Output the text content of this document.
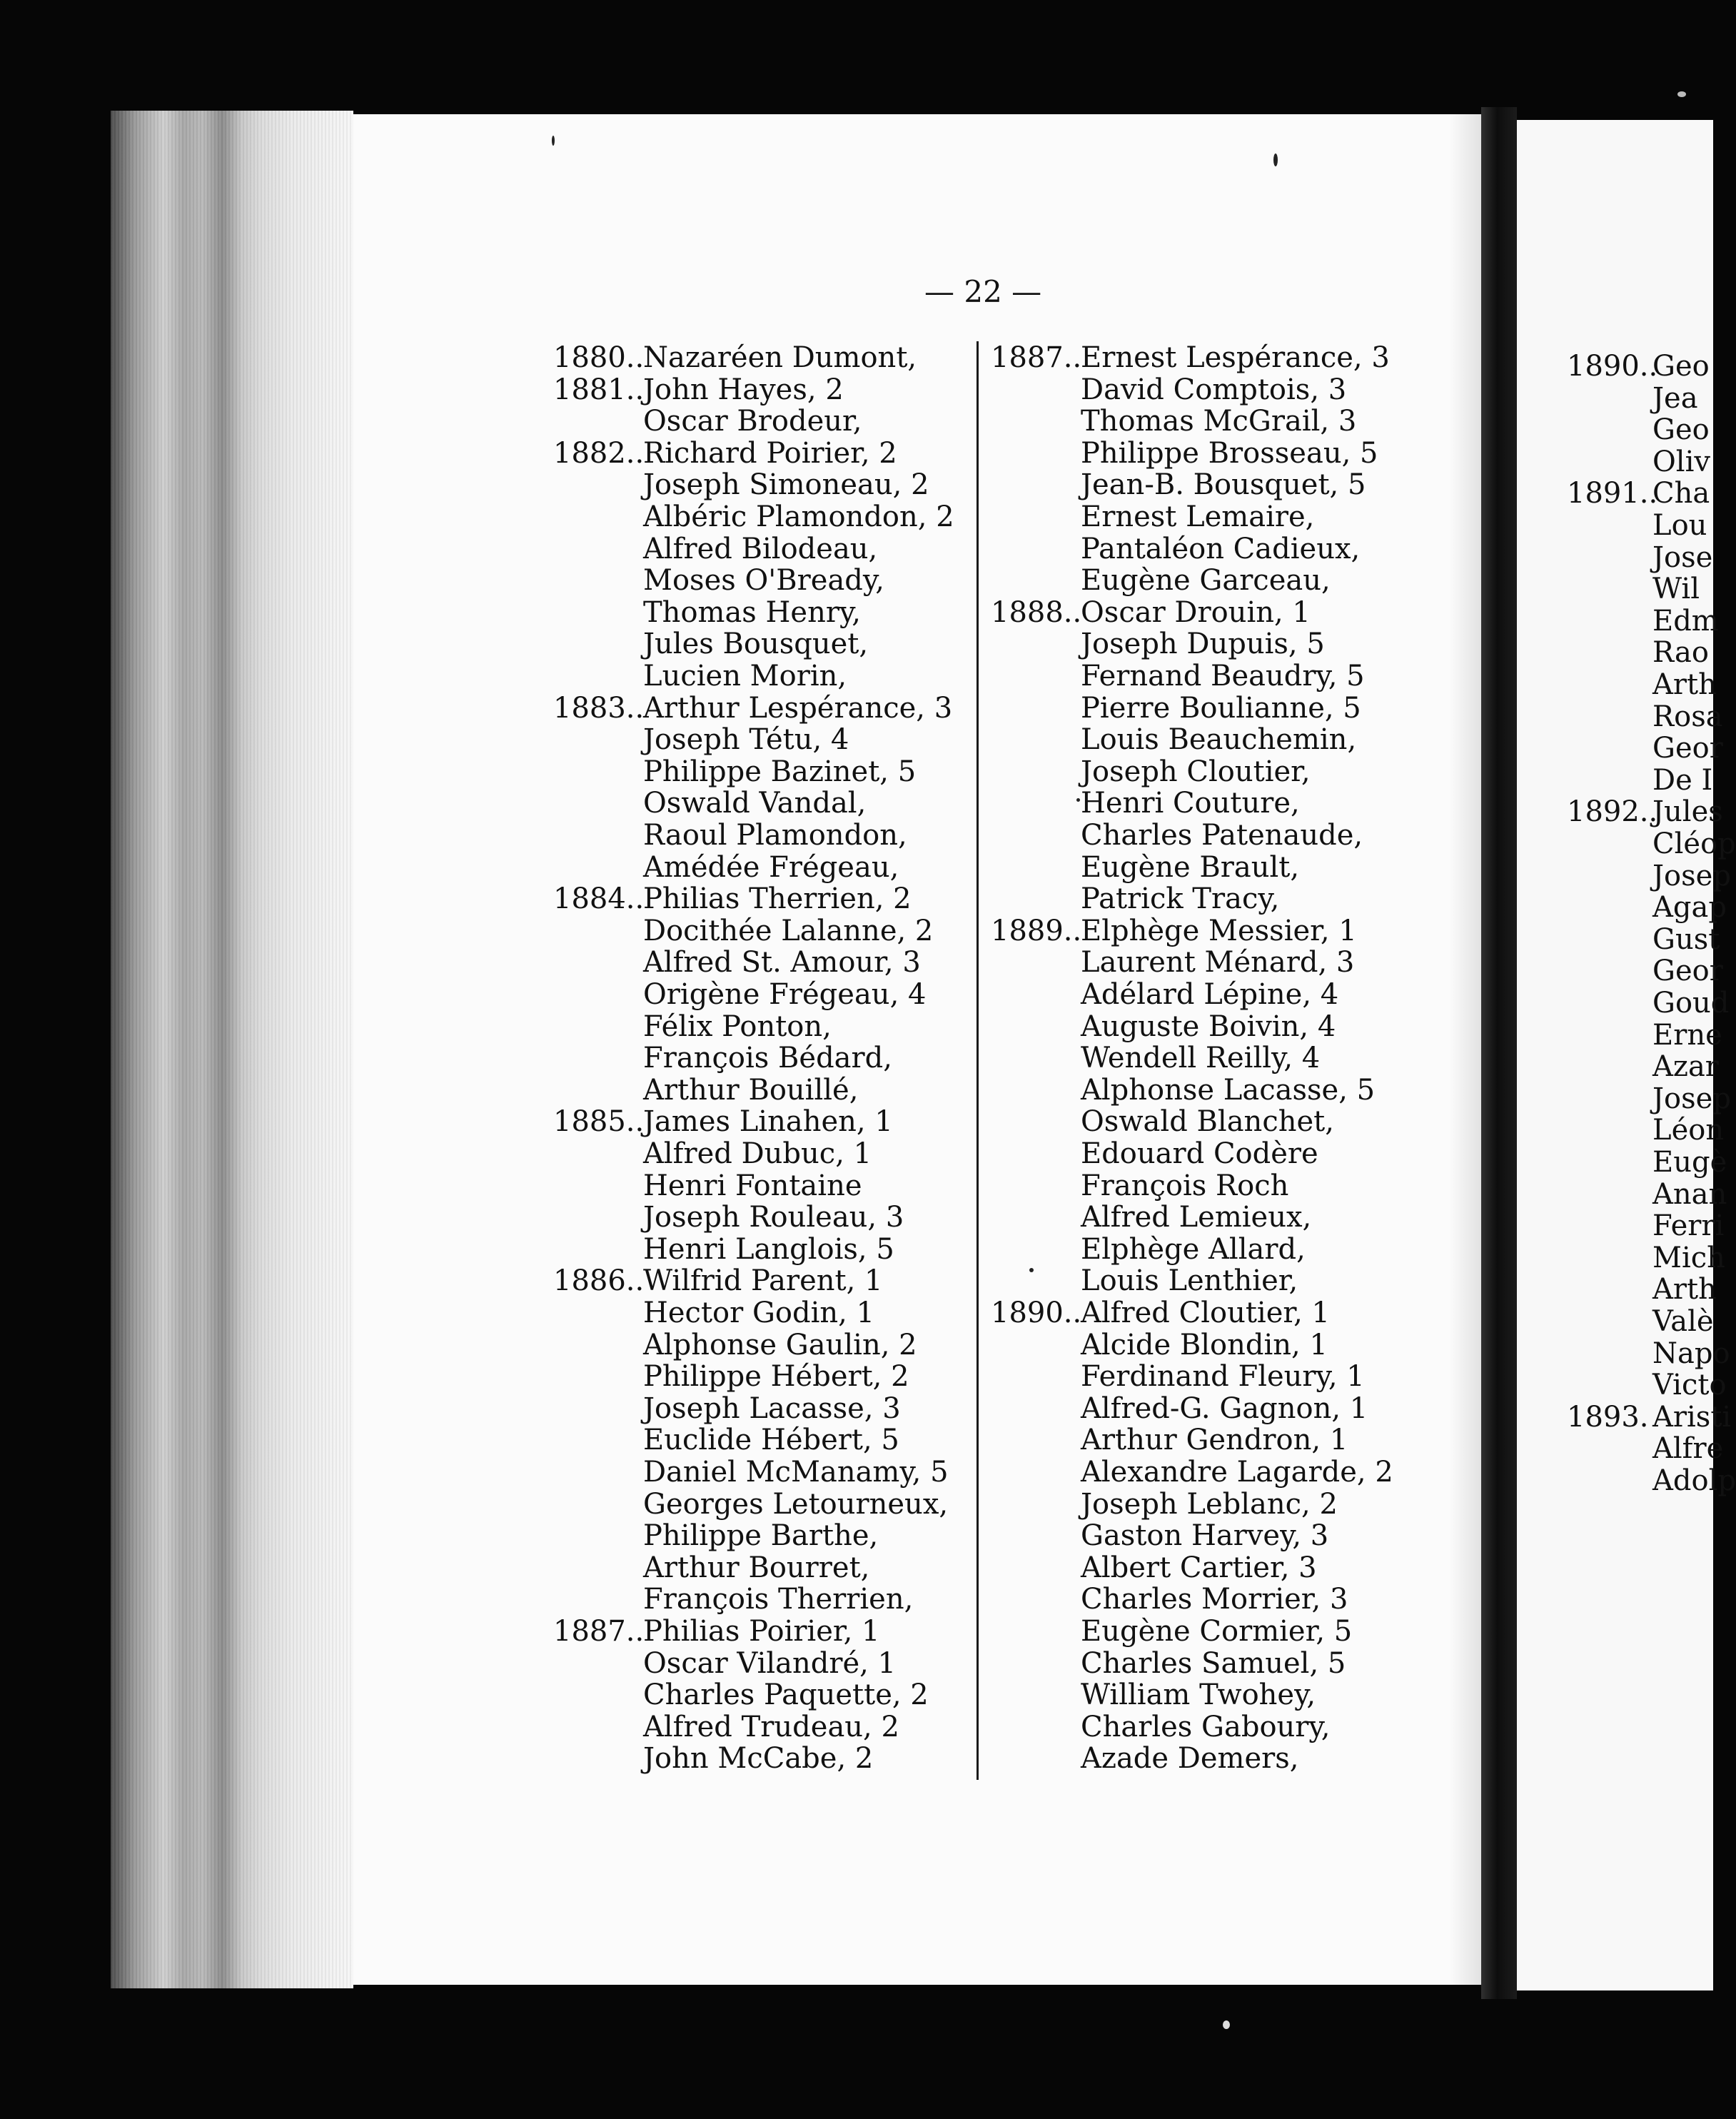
— 22 —
1880..
Nazaréen Dumont,
1881..
John Hayes, 2
Oscar Brodeur,
1882..
Richard Poirier, 2
Joseph Simoneau, 2
Albéric Plamondon, 2
Alfred Bilodeau,
Moses O'Bready,
Thomas Henry,
Jules Bousquet,
Lucien Morin,
1883..
Arthur Lespérance, 3
Joseph Tétu, 4
Philippe Bazinet, 5
Oswald Vandal,
Raoul Plamondon,
Amédée Frégeau,
1884..
Philias Therrien, 2
Docithée Lalanne, 2
Alfred St. Amour, 3
Origène Frégeau, 4
Félix Ponton,
François Bédard,
Arthur Bouillé,
1885..
James Linahen, 1
Alfred Dubuc, 1
Henri Fontaine
Joseph Rouleau, 3
Henri Langlois, 5
1886..
Wilfrid Parent, 1
Hector Godin, 1
Alphonse Gaulin, 2
Philippe Hébert, 2
Joseph Lacasse, 3
Euclide Hébert, 5
Daniel McManamy, 5
Georges Letourneux,
Philippe Barthe,
Arthur Bourret,
François Therrien,
1887..
Philias Poirier, 1
Oscar Vilandré, 1
Charles Paquette, 2
Alfred Trudeau, 2
John McCabe, 2
1887..
Ernest Lespérance, 3
David Comptois, 3
Thomas McGrail, 3
Philippe Brosseau, 5
Jean-B. Bousquet, 5
Ernest Lemaire,
Pantaléon Cadieux,
Eugène Garceau,
1888..
Oscar Drouin, 1
Joseph Dupuis, 5
Fernand Beaudry, 5
Pierre Boulianne, 5
Louis Beauchemin,
Joseph Cloutier,
Henri Couture,
Charles Patenaude,
Eugène Brault,
Patrick Tracy,
1889..
Elphège Messier, 1
Laurent Ménard, 3
Adélard Lépine, 4
Auguste Boivin, 4
Wendell Reilly, 4
Alphonse Lacasse, 5
Oswald Blanchet,
Edouard Codère
François Roch
Alfred Lemieux,
Elphège Allard,
Louis Lenthier,
1890..
Alfred Cloutier, 1
Alcide Blondin, 1
Ferdinand Fleury, 1
Alfred-G. Gagnon, 1
Arthur Gendron, 1
Alexandre Lagarde, 2
Joseph Leblanc, 2
Gaston Harvey, 3
Albert Cartier, 3
Charles Morrier, 3
Eugène Cormier, 5
Charles Samuel, 5
William Twohey,
Charles Gaboury,
Azade Demers,
1890..
Geo
Jea
Geo
Oliv
1891..
Cha
Lou
Jose
Wil
Edm
Rao
Arth
Rosa
Geor
De I
1892..
Jules
Cléop
Josep
Agap
Gust
Geor
Goud
Erne
Azar
Josep
Léon
Eugè
Anan
Ferri
Mich
Arth
Valè
Napo
Victo
1893. Aristi
Alfre
Adolp
